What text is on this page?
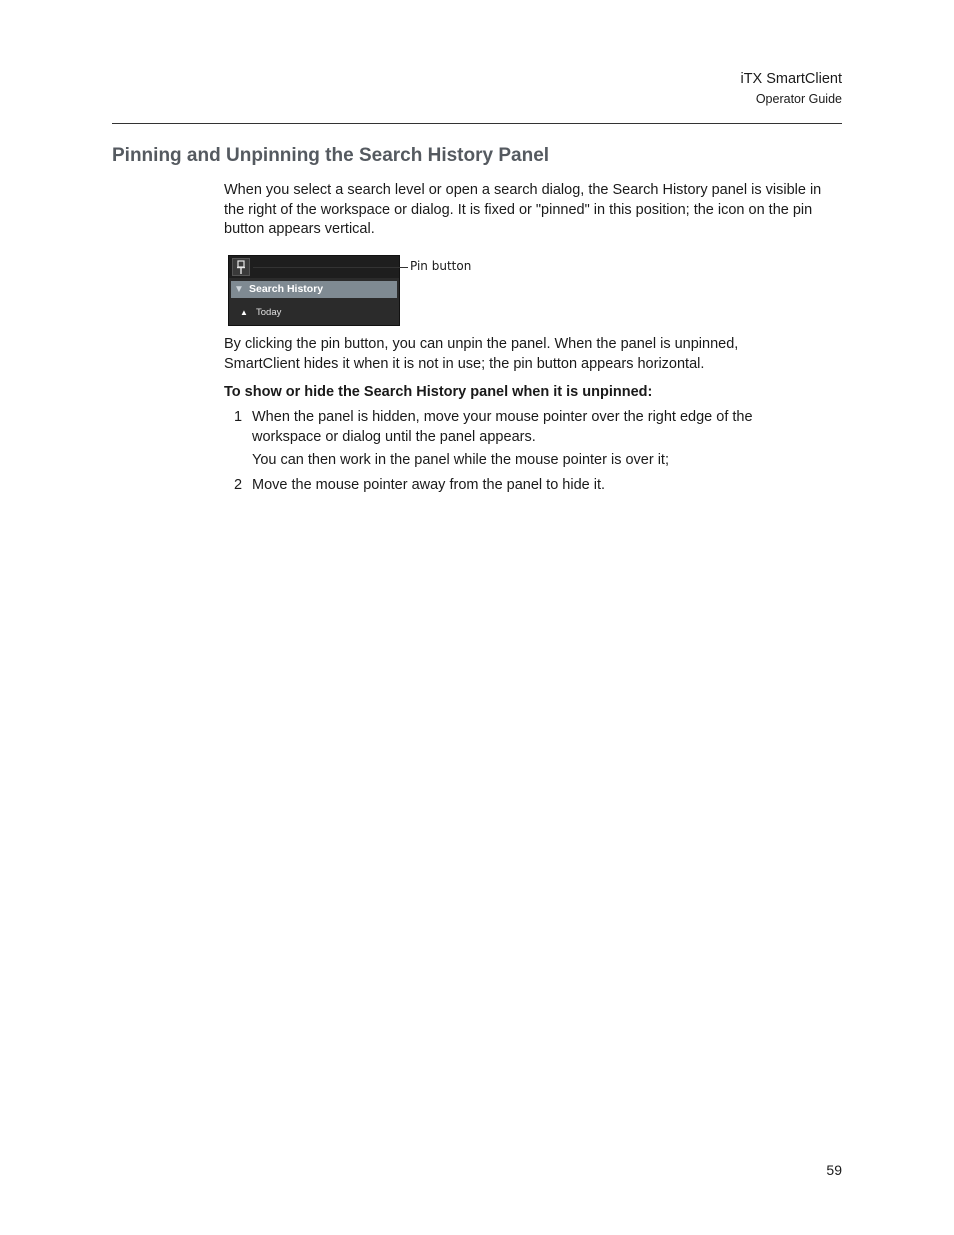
iTX SmartClient
Operator Guide
Pinning and Unpinning the Search History Panel

When you select a search level or open a search dialog, the Search History panel is visible in the right of the workspace or dialog. It is fixed or "pinned" in this position; the icon on the pin button appears vertical.

▼ Search History
▲ Today
Pin button

By clicking the pin button, you can unpin the panel. When the panel is unpinned, SmartClient hides it when it is not in use; the pin button appears horizontal.

To show or hide the Search History panel when it is unpinned:

1 When the panel is hidden, move your mouse pointer over the right edge of the workspace or dialog until the panel appears.
You can then work in the panel while the mouse pointer is over it;
2 Move the mouse pointer away from the panel to hide it.
59
